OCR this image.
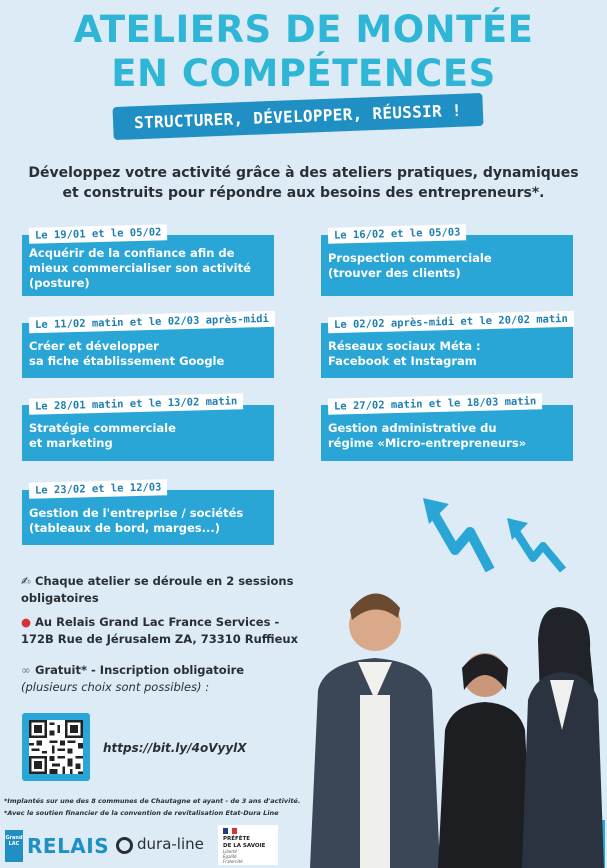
ATELIERS DE MONTÉE
EN COMPÉTENCES
STRUCTURER, DÉVELOPPER, RÉUSSIR !
Développez votre activité grâce à des ateliers pratiques, dynamiques
et construits pour répondre aux besoins des entrepreneurs*.
Le 19/01 et le 05/02
Acquérir de la confiance afin de
mieux commercialiser son activité
(posture)
Le 16/02 et le 05/03
Prospection commerciale
(trouver des clients)
Le 11/02 matin et le 02/03 après-midi
Créer et développer
sa fiche établissement Google
Le 02/02 après-midi et le 20/02 matin
Réseaux sociaux Méta :
Facebook et Instagram
Le 28/01 matin et le 13/02 matin
Stratégie commerciale
et marketing
Le 27/02 matin et le 18/03 matin
Gestion administrative du
régime «Micro-entrepreneurs»
Le 23/02 et le 12/03
Gestion de l'entreprise / sociétés
(tableaux de bord, marges...)
✍ Chaque atelier se déroule en 2 sessions
obligatoires
● Au Relais Grand Lac France Services -
172B Rue de Jérusalem ZA, 73310 Ruffieux
∞ Gratuit* - Inscription obligatoire
(plusieurs choix sont possibles) :
https://bit.ly/4oVyylX
*Implantés sur une des 8 communes de Chautagne et ayant - de 3 ans d'activité.
*Avec le soutien financier de la convention de revitalisation Etat-Dura Line
Grand LAC RELAIS dura-line	PRÉFÈTE
DE LA SAVOIE
Liberté
Égalité
Fraternité
